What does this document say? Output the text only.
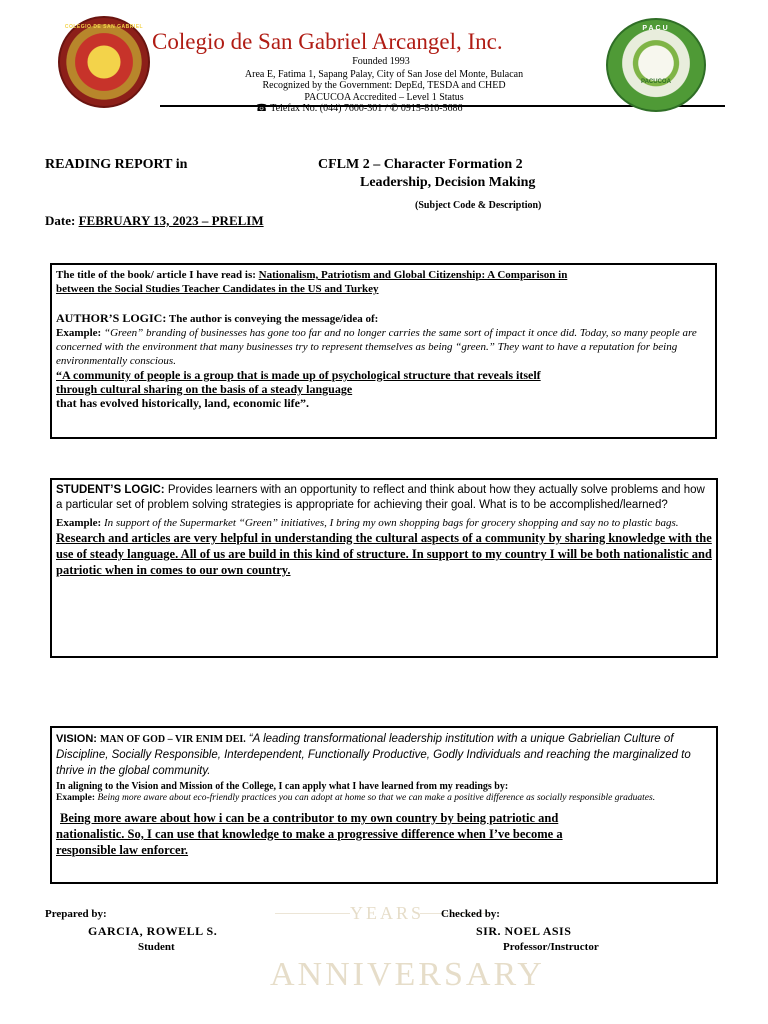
YEARS
ANNIVERSARY
COLEGIO DE SAN GABRIEL
Colegio de San Gabriel Arcangel, Inc.
Founded 1993
Area E, Fatima 1, Sapang Palay, City of San Jose del Monte, Bulacan
Recognized by the Government: DepEd, TESDA and CHED
PACUCOA Accredited – Level 1 Status
☎ Telefax No. (044) 7600-301 / ✆ 0915-810-5686
PACU
PACUCOA
READING REPORT in	CFLM 2 – Character Formation 2
Leadership, Decision Making
(Subject Code & Description)
Date: FEBRUARY 13, 2023 – PRELIM

The title of the book/ article I have read is: Nationalism, Patriotism and Global Citizenship: A Comparison in
between the Social Studies Teacher Candidates in the US and Turkey

AUTHOR’S LOGIC: The author is conveying the message/idea of:

Example: “Green” branding of businesses has gone too far and no longer carries the same sort of impact it once did. Today, so many people are concerned with the environment that many businesses try to represent themselves as being “green.” They want to have a reputation for being environmentally conscious.

“A community of people is a group that is made up of psychological structure that reveals itself
through cultural sharing on the basis of a steady language
that has evolved historically, land, economic life”.

STUDENT’S LOGIC: Provides learners with an opportunity to reflect and think about how they actually solve problems and how a particular set of problem solving strategies is appropriate for achieving their goal. What is to be accomplished/learned?

Example: In support of the Supermarket “Green” initiatives, I bring my own shopping bags for grocery shopping and say no to plastic bags. Research and articles are very helpful in understanding the cultural aspects of a community by sharing knowledge with the use of steady language. All of us are build in this kind of structure. In support to my country I will be both nationalistic and patriotic when in comes to our own country.

VISION: MAN OF GOD – VIR ENIM DEI. “A leading transformational leadership institution with a unique Gabrielian Culture of Discipline, Socially Responsible, Interdependent, Functionally Productive, Godly Individuals and reaching the marginalized to thrive in the global community.

In aligning to the Vision and Mission of the College, I can apply what I have learned from my readings by:

Example: Being more aware about eco-friendly practices you can adopt at home so that we can make a positive difference as socially responsible graduates.

Being more aware about how i can be a contributor to my own country by being patriotic and
nationalistic. So, I can use that knowledge to make a progressive difference when I’ve become a
responsible law enforcer.

Prepared by:
GARCIA, ROWELL S.
Student
Checked by:
SIR. NOEL ASIS
Professor/Instructor
